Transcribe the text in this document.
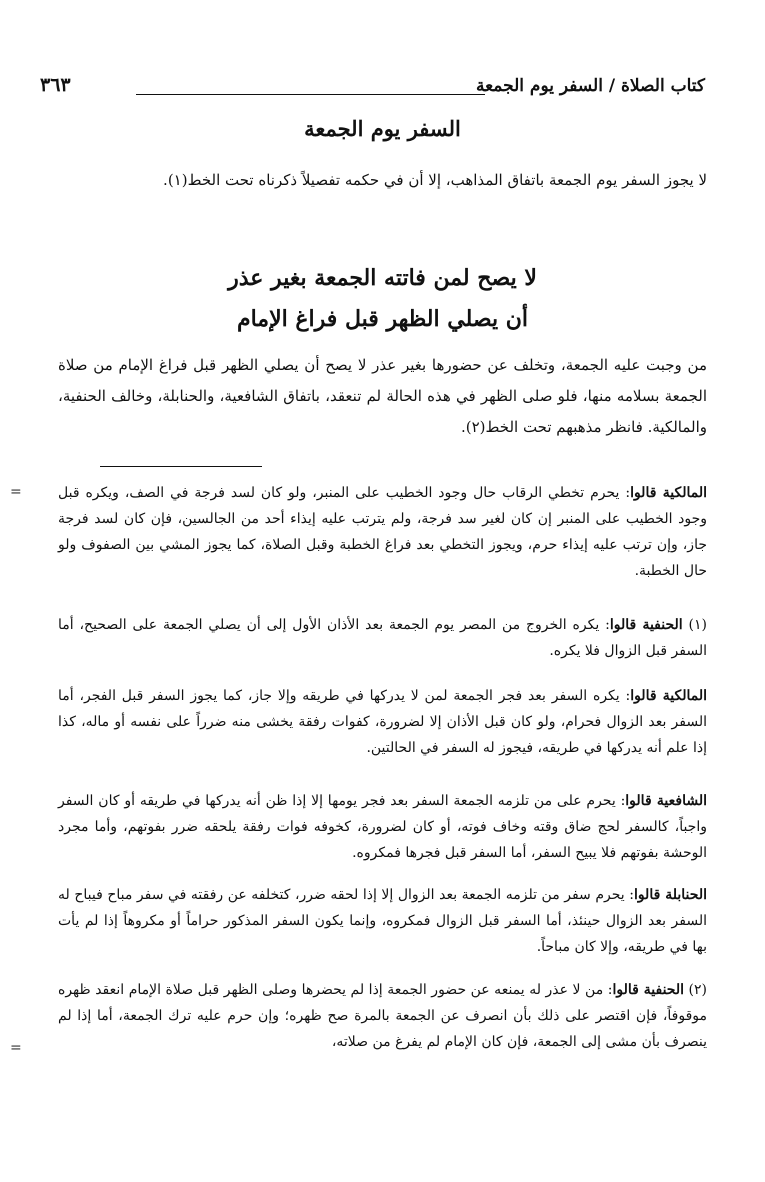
كتاب الصلاة / السفر يوم الجمعة
٣٦٣
السفر يوم الجمعة
لا يجوز السفر يوم الجمعة باتفاق المذاهب، إلا أن في حكمه تفصيلاً ذكرناه تحت الخط(١).
لا يصح لمن فاتته الجمعة بغير عذر
أن يصلي الظهر قبل فراغ الإمام
من وجبت عليه الجمعة، وتخلف عن حضورها بغير عذر لا يصح أن يصلي الظهر قبل فراغ الإمام من صلاة الجمعة بسلامه منها، فلو صلى الظهر في هذه الحالة لم تنعقد، باتفاق الشافعية، والحنابلة، وخالف الحنفية، والمالكية. فانظر مذهبهم تحت الخط(٢).
المالكية قالوا: يحرم تخطي الرقاب حال وجود الخطيب على المنبر، ولو كان لسد فرجة في الصف، ويكره قبل وجود الخطيب على المنبر إن كان لغير سد فرجة، ولم يترتب عليه إيذاء أحد من الجالسين، فإن كان لسد فرجة جاز، وإن ترتب عليه إيذاء حرم، ويجوز التخطي بعد فراغ الخطبة وقبل الصلاة، كما يجوز المشي بين الصفوف ولو حال الخطبة.
(١) الحنفية قالوا: يكره الخروج من المصر يوم الجمعة بعد الأذان الأول إلى أن يصلي الجمعة على الصحيح، أما السفر قبل الزوال فلا يكره.
المالكية قالوا: يكره السفر بعد فجر الجمعة لمن لا يدركها في طريقه وإلا جاز، كما يجوز السفر قبل الفجر، أما السفر بعد الزوال فحرام، ولو كان قبل الأذان إلا لضرورة، كفوات رفقة يخشى منه ضرراً على نفسه أو ماله، كذا إذا علم أنه يدركها في طريقه، فيجوز له السفر في الحالتين.
الشافعية قالوا: يحرم على من تلزمه الجمعة السفر بعد فجر يومها إلا إذا ظن أنه يدركها في طريقه أو كان السفر واجباً، كالسفر لحج ضاق وقته وخاف فوته، أو كان لضرورة، كخوفه فوات رفقة يلحقه ضرر بفوتهم، وأما مجرد الوحشة بفوتهم فلا يبيح السفر، أما السفر قبل فجرها فمكروه.
الحنابلة قالوا: يحرم سفر من تلزمه الجمعة بعد الزوال إلا إذا لحقه ضرر، كتخلفه عن رفقته في سفر مباح فيباح له السفر بعد الزوال حينئذ، أما السفر قبل الزوال فمكروه، وإنما يكون السفر المذكور حراماً أو مكروهاً إذا لم يأت بها في طريقه، وإلا كان مباحاً.
(٢) الحنفية قالوا: من لا عذر له يمنعه عن حضور الجمعة إذا لم يحضرها وصلى الظهر قبل صلاة الإمام انعقد ظهره موقوفاً، فإن اقتصر على ذلك بأن انصرف عن الجمعة بالمرة صح ظهره؛ وإن حرم عليه ترك الجمعة، أما إذا لم ينصرف بأن مشى إلى الجمعة، فإن كان الإمام لم يفرغ من صلاته،
=
=
